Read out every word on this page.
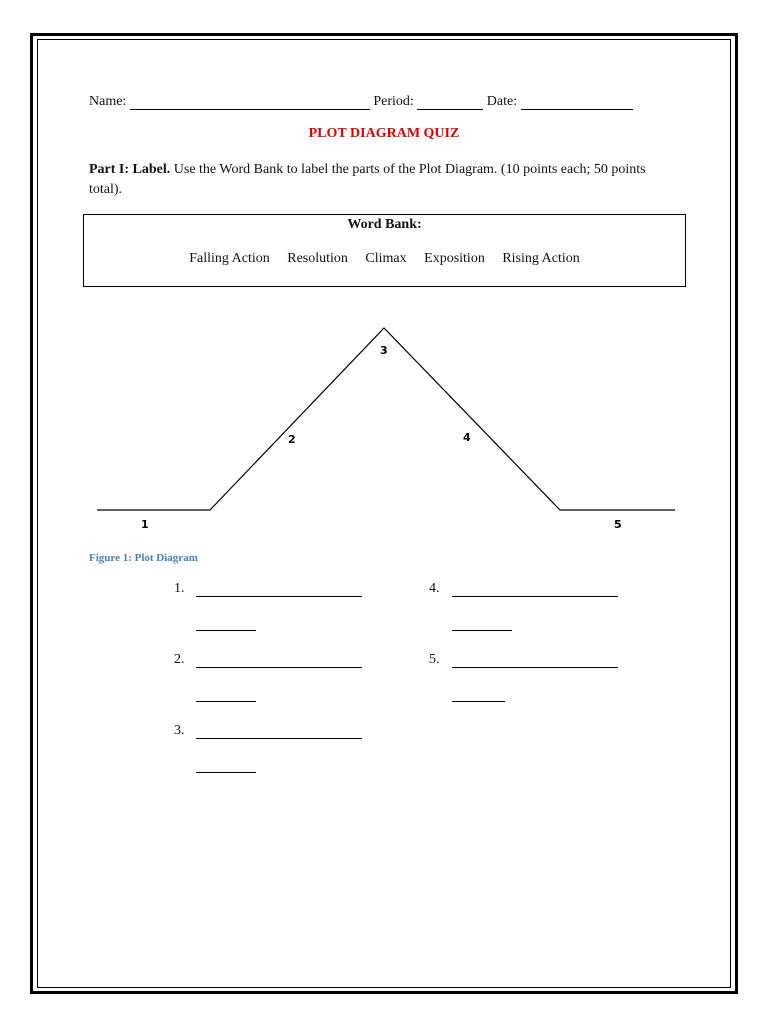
Name:	Period:	Date:
PLOT DIAGRAM QUIZ
Part I: Label. Use the Word Bank to label the parts of the Plot Diagram. (10 points each; 50 points total).
Word Bank:
Falling Action Resolution Climax Exposition Rising Action
1
2
3
4
5
Figure 1: Plot Diagram
1.
2.
3.
4.
5.
